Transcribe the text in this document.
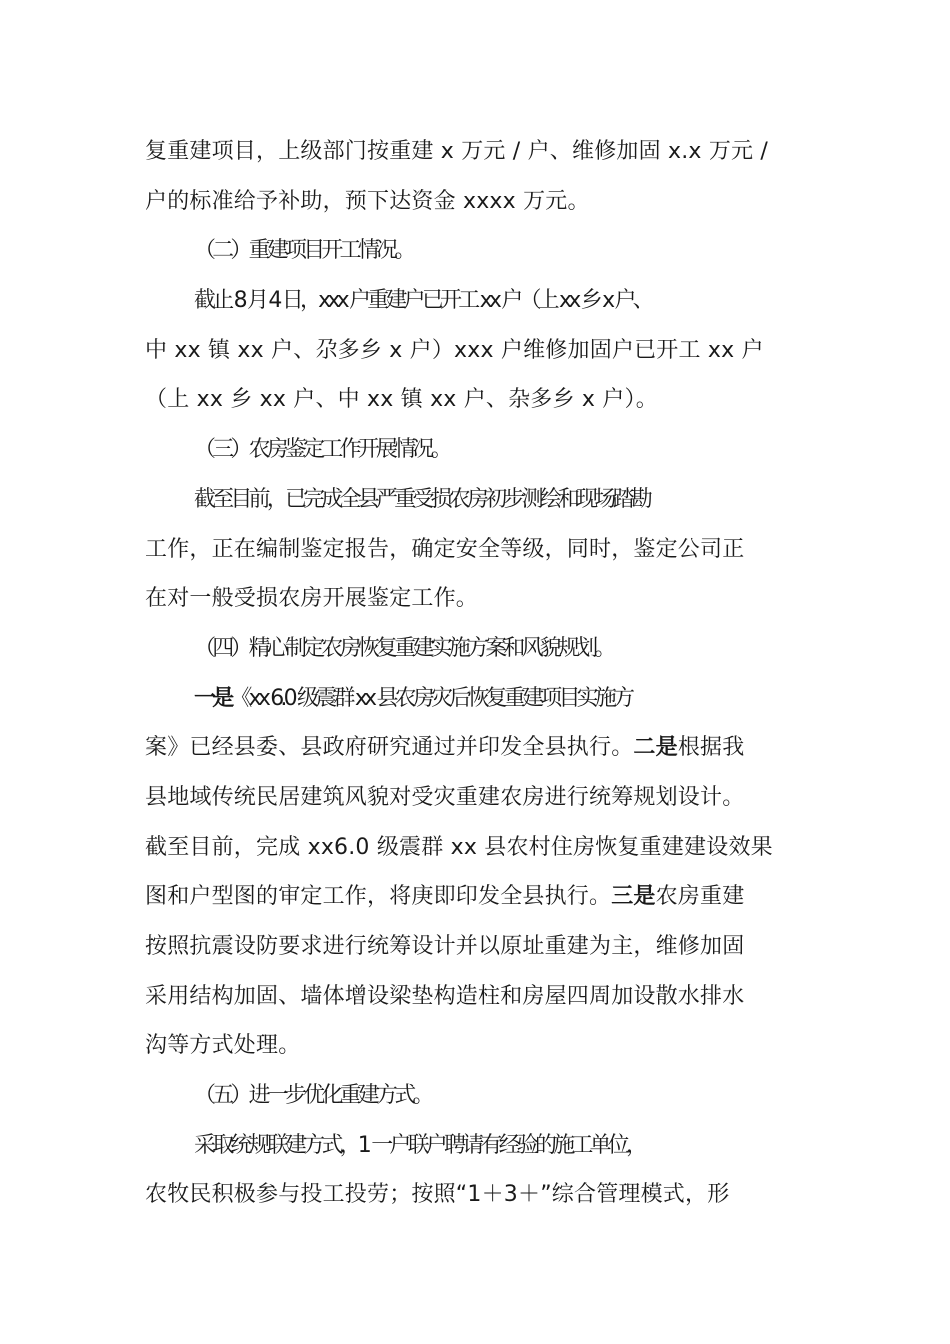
复重建项目，上级部门按重建 x 万元 / 户、维修加固 x.x 万元 /
户的标准给予补助，预下达资金 xxxx 万元。
（二）重建项目开工情况。
截止 8 月 4 日，xxx 户重建户已开工 xx 户（上 xx 乡 x 户、
中 xx 镇 xx 户、尕多乡 x 户）xxx 户维修加固户已开工 xx 户
（上 xx 乡 xx 户、中 xx 镇 xx 户、杂多乡 x 户）。
（三）农房鉴定工作开展情况。
截至目前，已完成全县严重受损农房初步测绘和现场踏勘
工作，正在编制鉴定报告，确定安全等级，同时，鉴定公司正
在对一般受损农房开展鉴定工作。
（四）精心制定农房恢复重建实施方案和风貌规划。
一是《xx 6.0 级震群 xx 县农房灾后恢复重建项目实施方
案》已经县委、县政府研究通过并印发全县执行。二是根据我
县地域传统民居建筑风貌对受灾重建农房进行统筹规划设计。
截至目前，完成 xx6.0 级震群 xx 县农村住房恢复重建建设效果
图和户型图的审定工作，将庚即印发全县执行。三是农房重建
按照抗震设防要求进行统筹设计并以原址重建为主，维修加固
采用结构加固、墙体增设梁垫构造柱和房屋四周加设散水排水
沟等方式处理。
（五）进一步优化重建方式。
采取统规联建方式，1 一户联户聘请有经验的施工单位，
农牧民积极参与投工投劳；按照“1＋3＋”综合管理模式，形
